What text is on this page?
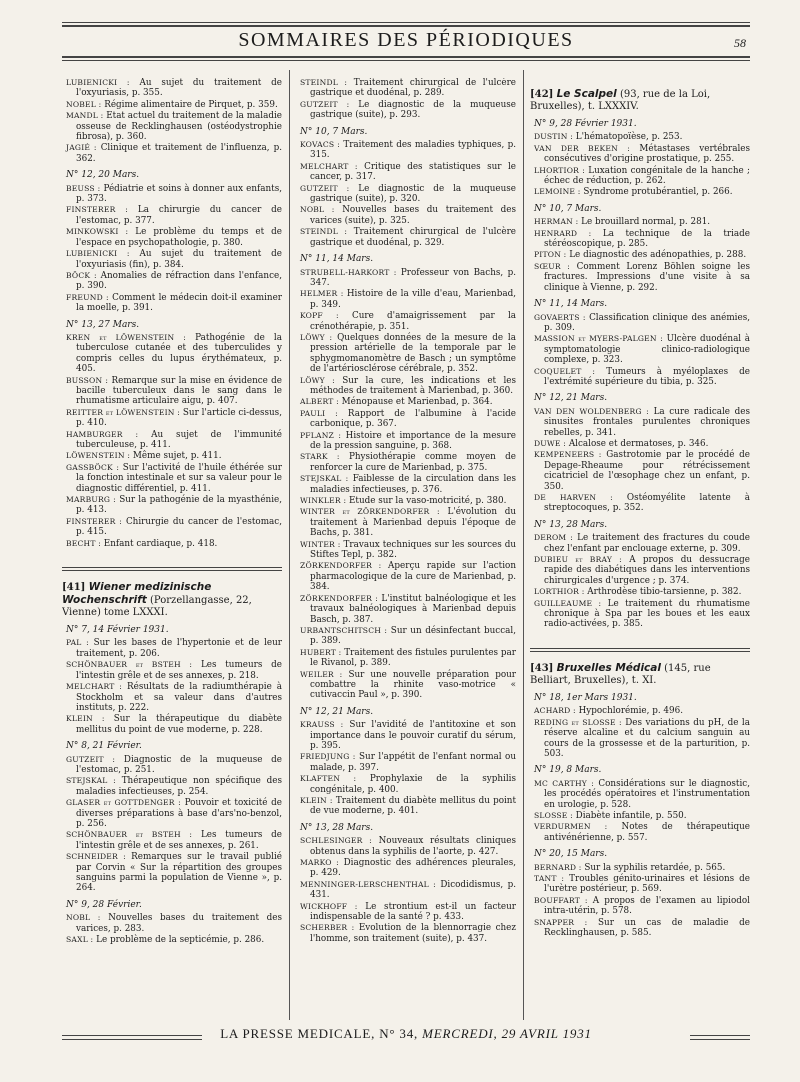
SOMMAIRES DES PÉRIODIQUES	58
LUBIENICKI : Au sujet du traitement de l'oxyuriasis, p. 355.
NOBEL : Régime alimentaire de Pirquet, p. 359.
MANDL : Etat actuel du traitement de la maladie osseuse de Recklinghausen (ostéodystrophie fibrosa), p. 360.
JAGIÉ : Clinique et traitement de l'influenza, p. 362.
N° 12, 20 Mars.
BEUSS : Pédiatrie et soins à donner aux enfants, p. 373.
FINSTERER : La chirurgie du cancer de l'estomac, p. 377.
MINKOWSKI : Le problème du temps et de l'espace en psychopathologie, p. 380.
LUBIENICKI : Au sujet du traitement de l'oxyuriasis (fin), p. 384.
BÖCK : Anomalies de réfraction dans l'enfance, p. 390.
FREUND : Comment le médecin doit-il examiner la moelle, p. 391.
N° 13, 27 Mars.
KREN et LÖWENSTEIN : Pathogénie de la tuberculose cutanée et des tuberculides y compris celles du lupus érythémateux, p. 405.
BUSSON : Remarque sur la mise en évidence de bacille tuberculeux dans le sang dans le rhumatisme articulaire aigu, p. 407.
REITTER et LÖWENSTEIN : Sur l'article ci-dessus, p. 410.
HAMBURGER : Au sujet de l'immunité tuberculeuse, p. 411.
LÖWENSTEIN : Même sujet, p. 411.
GASSBÖCK : Sur l'activité de l'huile éthérée sur la fonction intestinale et sur sa valeur pour le diagnostic différentiel, p. 411.
MARBURG : Sur la pathogénie de la myasthénie, p. 413.
FINSTERER : Chirurgie du cancer de l'estomac, p. 415.
BECHT : Enfant cardiaque, p. 418.
[41] Wiener medizinische Wochenschrift (Porzellangasse, 22, Vienne) tome LXXXI.
N° 7, 14 Février 1931.
PAL : Sur les bases de l'hypertonie et de leur traitement, p. 206.
SCHÖNBAUER et BSTEH : Les tumeurs de l'intestin grêle et de ses annexes, p. 218.
MELCHART : Résultats de la radiumthérapie à Stockholm et sa valeur dans d'autres instituts, p. 222.
KLEIN : Sur la thérapeutique du diabète mellitus du point de vue moderne, p. 228.
N° 8, 21 Février.
GUTZEIT : Diagnostic de la muqueuse de l'estomac, p. 251.
STEJSKAL : Thérapeutique non spécifique des maladies infectieuses, p. 254.
GLASER et GOTTDENGER : Pouvoir et toxicité de diverses préparations à base d'ars'no-benzol, p. 256.
SCHÖNBAUER et BSTEH : Les tumeurs de l'intestin grêle et de ses annexes, p. 261.
SCHNEIDER : Remarques sur le travail publié par Corvin « Sur la répartition des groupes sanguins parmi la population de Vienne », p. 264.
N° 9, 28 Février.
NOBL : Nouvelles bases du traitement des varices, p. 283.
SAXL : Le problème de la septicémie, p. 286.
STEINDL : Traitement chirurgical de l'ulcère gastrique et duodénal, p. 289.
GUTZEIT : Le diagnostic de la muqueuse gastrique (suite), p. 293.
N° 10, 7 Mars.
KOVACS : Traitement des maladies typhiques, p. 315.
MELCHART : Critique des statistiques sur le cancer, p. 317.
GUTZEIT : Le diagnostic de la muqueuse gastrique (suite), p. 320.
NOBL : Nouvelles bases du traitement des varices (suite), p. 325.
STEINDL : Traitement chirurgical de l'ulcère gastrique et duodénal, p. 329.
N° 11, 14 Mars.
STRUBELL-HARKORT : Professeur von Bachs, p. 347.
HELMER : Histoire de la ville d'eau, Marienbad, p. 349.
KOPF : Cure d'amaigrissement par la crénothérapie, p. 351.
LÖWY : Quelques données de la mesure de la pression artérielle de la temporale par le sphygmomanomètre de Basch ; un symptôme de l'artériosclérose cérébrale, p. 352.
LÖWY : Sur la cure, les indications et les méthodes de traitement à Marienbad, p. 360.
ALBERT : Ménopause et Marienbad, p. 364.
PAULI : Rapport de l'albumine à l'acide carbonique, p. 367.
PFLANZ : Histoire et importance de la mesure de la pression sanguine, p. 368.
STARK : Physiothérapie comme moyen de renforcer la cure de Marienbad, p. 375.
STEJSKAL : Faiblesse de la circulation dans les maladies infectieuses, p. 376.
WINKLER : Etude sur la vaso-motricité, p. 380.
WINTER et ZÖRKENDORFER : L'évolution du traitement à Marienbad depuis l'époque de Bachs, p. 381.
WINTER : Travaux techniques sur les sources du Stiftes Tepl, p. 382.
ZÖRKENDORFER : Aperçu rapide sur l'action pharmacologique de la cure de Marienbad, p. 384.
ZÖRKENDORFER : L'institut balnéologique et les travaux balnéologiques à Marienbad depuis Basch, p. 387.
URBANTSCHITSCH : Sur un désinfectant buccal, p. 389.
HUBERT : Traitement des fistules purulentes par le Rivanol, p. 389.
WEILER : Sur une nouvelle préparation pour combattre la rhinite vaso-motrice « cutivaccin Paul », p. 390.
N° 12, 21 Mars.
KRAUSS : Sur l'avidité de l'antitoxine et son importance dans le pouvoir curatif du sérum, p. 395.
FRIEDJUNG : Sur l'appétit de l'enfant normal ou malade, p. 397.
KLAFTEN : Prophylaxie de la syphilis congénitale, p. 400.
KLEIN : Traitement du diabète mellitus du point de vue moderne, p. 401.
N° 13, 28 Mars.
SCHLESINGER : Nouveaux résultats cliniques obtenus dans la syphilis de l'aorte, p. 427.
MARKO : Diagnostic des adhérences pleurales, p. 429.
MENNINGER-LERSCHENTHAL : Dicodidismus, p. 431.
WICKHOFF : Le strontium est-il un facteur indispensable de la santé ? p. 433.
SCHERBER : Evolution de la blennorragie chez l'homme, son traitement (suite), p. 437.
[42] Le Scalpel (93, rue de la Loi, Bruxelles), t. LXXXIV.
N° 9, 28 Février 1931.
DUSTIN : L'hématopoïèse, p. 253.
VAN DER BEKEN : Métastases vertébrales consécutives d'origine prostatique, p. 255.
LHORTIOR : Luxation congénitale de la hanche ; échec de réduction, p. 262.
LEMOINE : Syndrome protubérantiel, p. 266.
N° 10, 7 Mars.
HERMAN : Le brouillard normal, p. 281.
HENRARD : La technique de la triade stéréoscopique, p. 285.
PITON : Le diagnostic des adénopathies, p. 288.
SŒUR : Comment Lorenz Böhlen soigne les fractures. Impressions d'une visite à sa clinique à Vienne, p. 292.
N° 11, 14 Mars.
GOVAERTS : Classification clinique des anémies, p. 309.
MASSION et MYERS-PALGEN : Ulcère duodénal à symptomatologie clinico-radiologique complexe, p. 323.
COQUELET : Tumeurs à myéloplaxes de l'extrémité supérieure du tibia, p. 325.
N° 12, 21 Mars.
VAN DEN WOLDENBERG : La cure radicale des sinusites frontales purulentes chroniques rebelles, p. 341.
DUWE : Alcalose et dermatoses, p. 346.
KEMPENEERS : Gastrotomie par le procédé de Depage-Rheaume pour rétrécissement cicatriciel de l'œsophage chez un enfant, p. 350.
DE HARVEN : Ostéomyélite latente à streptocoques, p. 352.
N° 13, 28 Mars.
DEROM : Le traitement des fractures du coude chez l'enfant par enclouage externe, p. 309.
DUBIEU et BRAY : A propos du dessucrage rapide des diabétiques dans les interventions chirurgicales d'urgence ; p. 374.
LORTHIOR : Arthrodèse tibio-tarsienne, p. 382.
GUILLEAUME : Le traitement du rhumatisme chronique à Spa par les boues et les eaux radio-activées, p. 385.
[43] Bruxelles Médical (145, rue Belliart, Bruxelles), t. XI.
N° 18, 1er Mars 1931.
ACHARD : Hypochlorémie, p. 496.
REDING et SLOSSE : Des variations du pH, de la réserve alcaline et du calcium sanguin au cours de la grossesse et de la parturition, p. 503.
N° 19, 8 Mars.
MC CARTHY : Considérations sur le diagnostic, les procédés opératoires et l'instrumentation en urologie, p. 528.
SLOSSE : Diabète infantile, p. 550.
VERDURMEN : Notes de thérapeutique antivénérienne, p. 557.
N° 20, 15 Mars.
BERNARD : Sur la syphilis retardée, p. 565.
TANT : Troubles génito-urinaires et lésions de l'urètre postérieur, p. 569.
BOUFFART : A propos de l'examen au lipiodol intra-utérin, p. 578.
SNAPPER : Sur un cas de maladie de Recklinghausen, p. 585.
LA PRESSE MEDICALE, N° 34, MERCREDI, 29 AVRIL 1931
